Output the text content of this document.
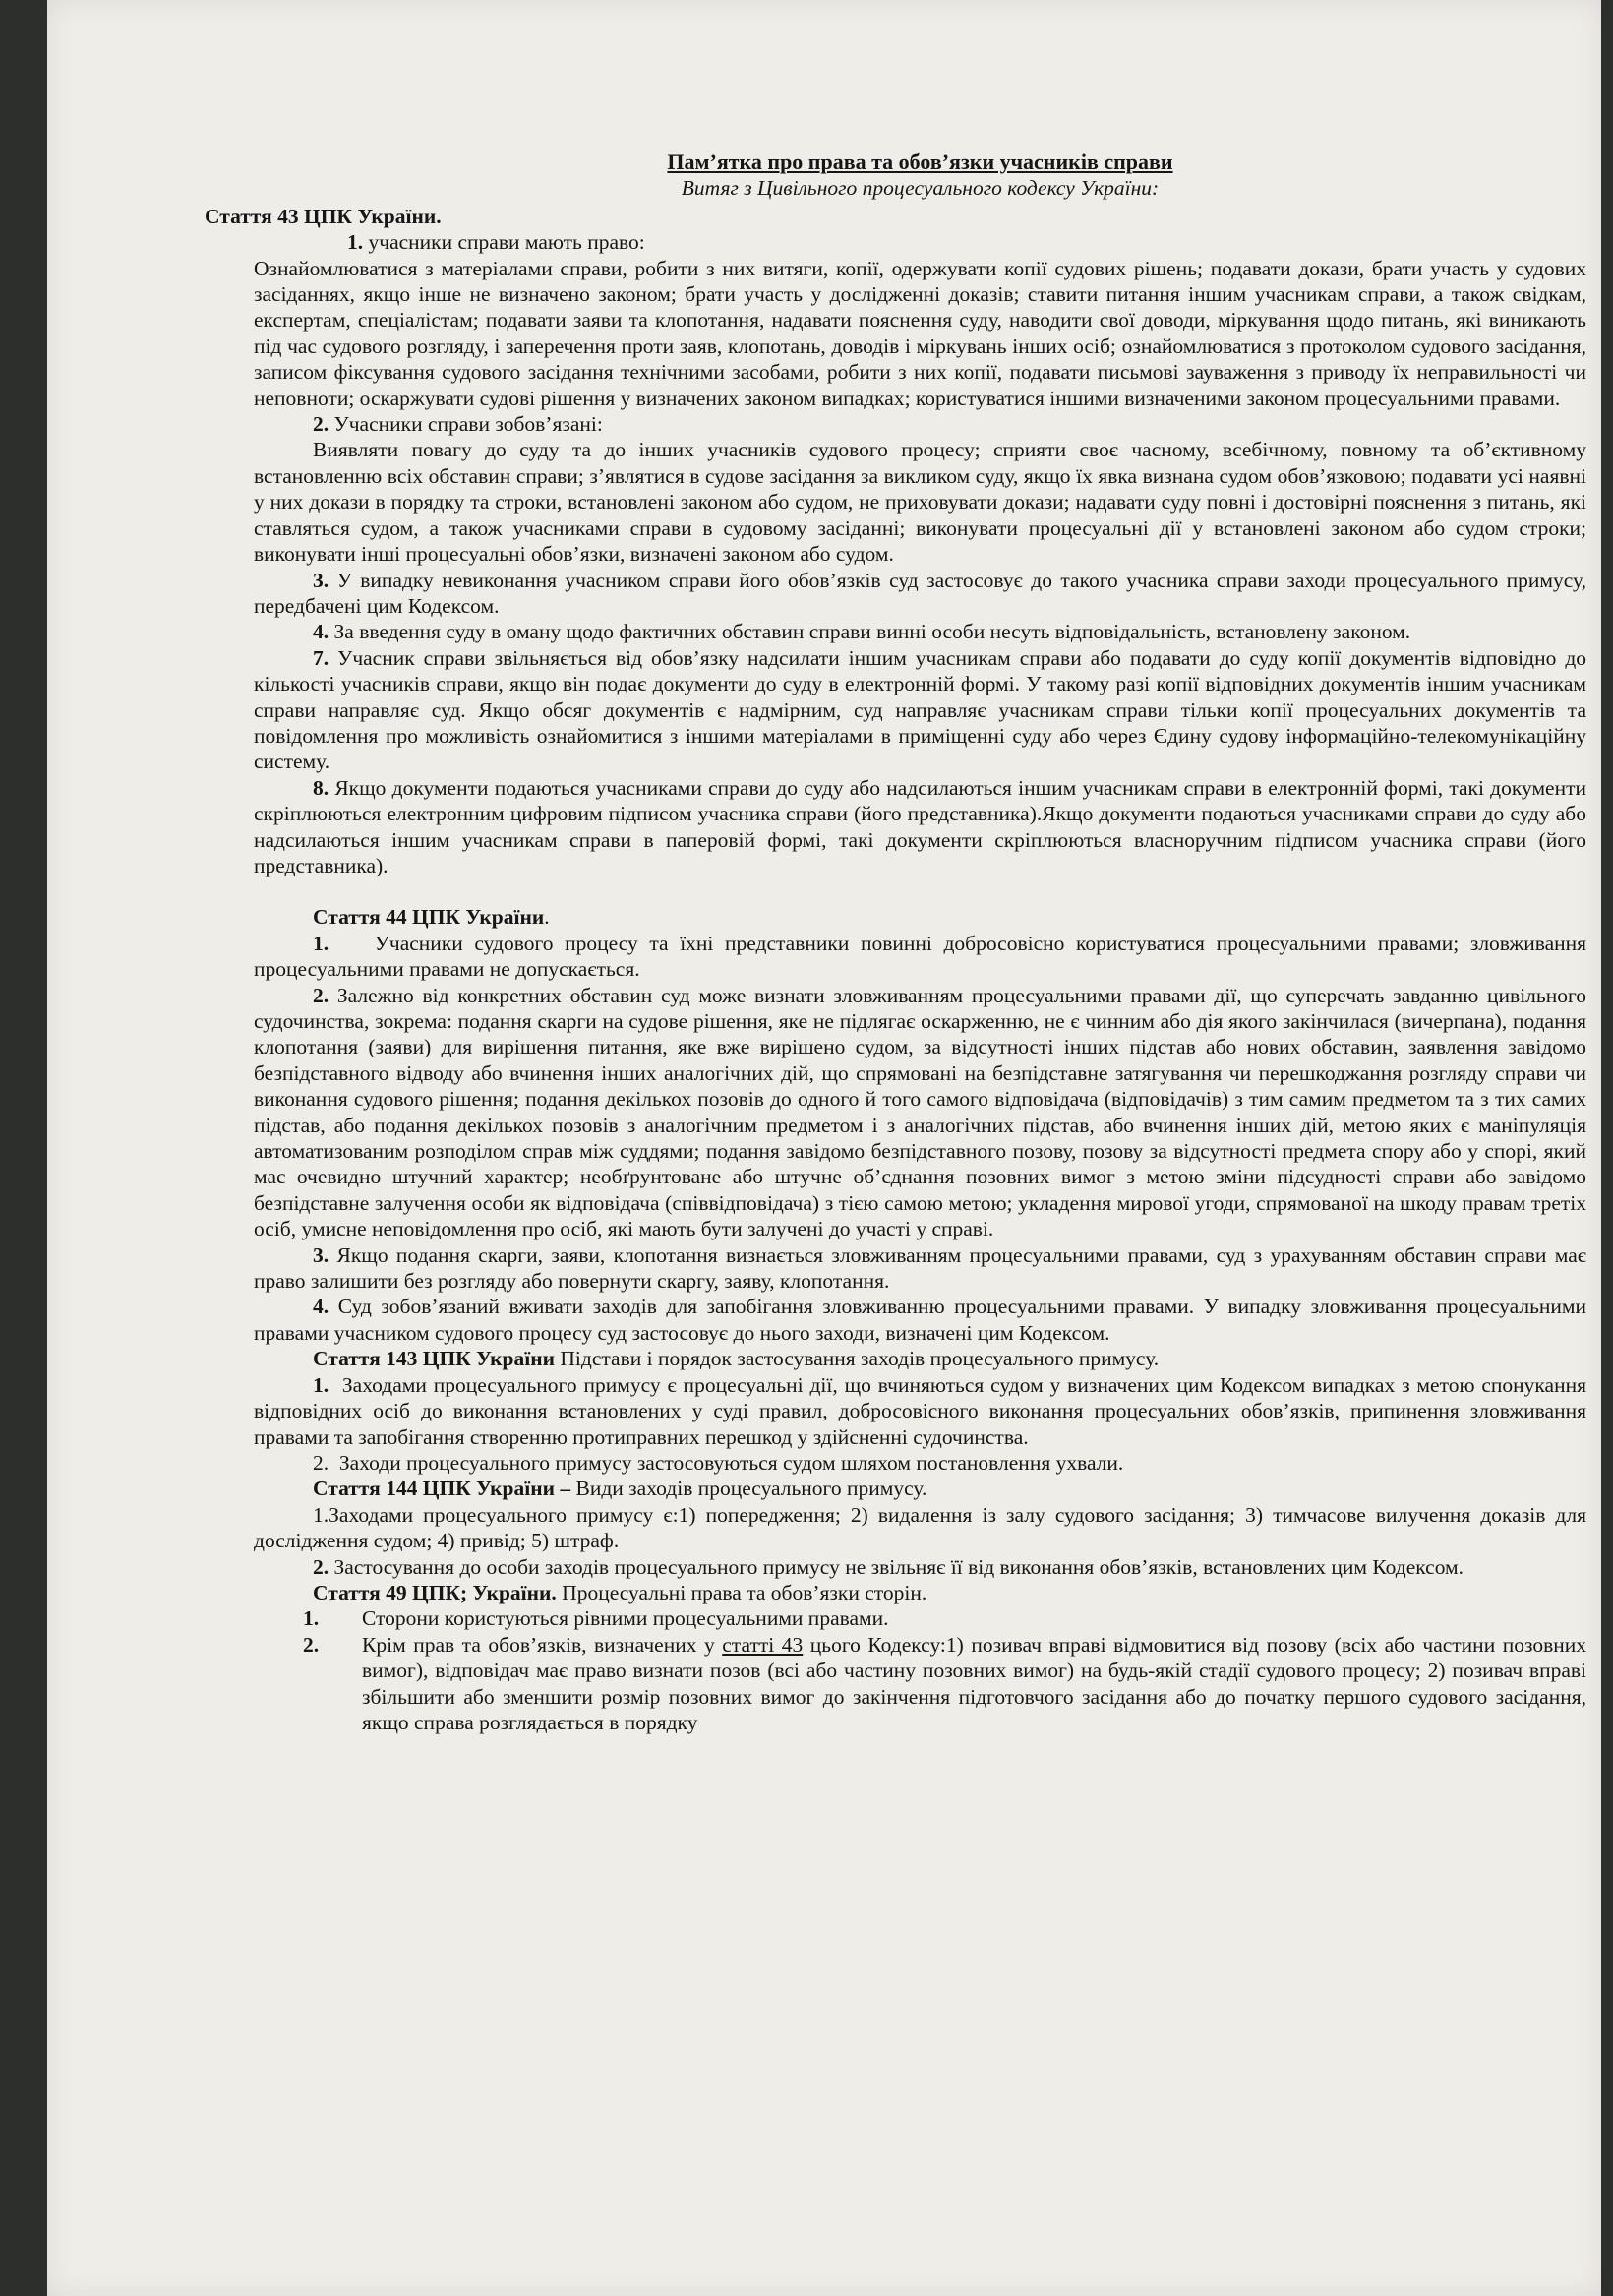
Пам’ятка про права та обов’язки учасників справи

Витяг з Цивільного процесуального кодексу України:

Стаття 43 ЦПК України.

1. учасники справи мають право:

Ознайомлюватися з матеріалами справи, робити з них витяги, копії, одержувати копії судових рішень; подавати докази, брати участь у судових засіданнях, якщо інше не визначено законом; брати участь у дослідженні доказів; ставити питання іншим учасникам справи, а також свідкам, експертам, спеціалістам; подавати заяви та клопотання, надавати пояснення суду, наводити свої доводи, міркування щодо питань, які виникають під час судового розгляду, і заперечення проти заяв, клопотань, доводів і міркувань інших осіб; ознайомлюватися з протоколом судового засідання, записом фіксування судового засідання технічними засобами, робити з них копії, подавати письмові зауваження з приводу їх неправильності чи неповноти; оскаржувати судові рішення у визначених законом випадках; користуватися іншими визначеними законом процесуальними правами.

2. Учасники справи зобов’язані:

Виявляти повагу до суду та до інших учасників судового процесу; сприяти своє часному, всебічному, повному та об’єктивному встановленню всіх обставин справи; з’являтися в судове засідання за викликом суду, якщо їх явка визнана судом обов’язковою; подавати усі наявні у них докази в порядку та строки, встановлені законом або судом, не приховувати докази; надавати суду повні і достовірні пояснення з питань, які ставляться судом, а також учасниками справи в судовому засіданні; виконувати процесуальні дії у встановлені законом або судом строки; виконувати інші процесуальні обов’язки, визначені законом або судом.

3. У випадку невиконання учасником справи його обов’язків суд застосовує до такого учасника справи заходи процесуального примусу, передбачені цим Кодексом.

4. За введення суду в оману щодо фактичних обставин справи винні особи несуть відповідальність, встановлену законом.

7. Учасник справи звільняється від обов’язку надсилати іншим учасникам справи або подавати до суду копії документів відповідно до кількості учасників справи, якщо він подає документи до суду в електронній формі. У такому разі копії відповідних документів іншим учасникам справи направляє суд. Якщо обсяг документів є надмірним, суд направляє учасникам справи тільки копії процесуальних документів та повідомлення про можливість ознайомитися з іншими матеріалами в приміщенні суду або через Єдину судову інформаційно-телекомунікаційну систему.

8. Якщо документи подаються учасниками справи до суду або надсилаються іншим учасникам справи в електронній формі, такі документи скріплюються електронним цифровим підписом учасника справи (його представника).Якщо документи подаються учасниками справи до суду або надсилаються іншим учасникам справи в паперовій формі, такі документи скріплюються власноручним підписом учасника справи (його представника).

Стаття 44 ЦПК України.

1. Учасники судового процесу та їхні представники повинні добросовісно користуватися процесуальними правами; зловживання процесуальними правами не допускається.

2. Залежно від конкретних обставин суд може визнати зловживанням процесуальними правами дії, що суперечать завданню цивільного судочинства, зокрема: подання скарги на судове рішення, яке не підлягає оскарженню, не є чинним або дія якого закінчилася (вичерпана), подання клопотання (заяви) для вирішення питання, яке вже вирішено судом, за відсутності інших підстав або нових обставин, заявлення завідомо безпідставного відводу або вчинення інших аналогічних дій, що спрямовані на безпідставне затягування чи перешкоджання розгляду справи чи виконання судового рішення; подання декількох позовів до одного й того самого відповідача (відповідачів) з тим самим предметом та з тих самих підстав, або подання декількох позовів з аналогічним предметом і з аналогічних підстав, або вчинення інших дій, метою яких є маніпуляція автоматизованим розподілом справ між суддями; подання завідомо безпідставного позову, позову за відсутності предмета спору або у спорі, який має очевидно штучний характер; необґрунтоване або штучне об’єднання позовних вимог з метою зміни підсудності справи або завідомо безпідставне залучення особи як відповідача (співвідповідача) з тією самою метою; укладення мирової угоди, спрямованої на шкоду правам третіх осіб, умисне неповідомлення про осіб, які мають бути залучені до участі у справі.

3. Якщо подання скарги, заяви, клопотання визнається зловживанням процесуальними правами, суд з урахуванням обставин справи має право залишити без розгляду або повернути скаргу, заяву, клопотання.

4. Суд зобов’язаний вживати заходів для запобігання зловживанню процесуальними правами. У випадку зловживання процесуальними правами учасником судового процесу суд застосовує до нього заходи, визначені цим Кодексом.

Стаття 143 ЦПК України Підстави і порядок застосування заходів процесуального примусу.

1. Заходами процесуального примусу є процесуальні дії, що вчиняються судом у визначених цим Кодексом випадках з метою спонукання відповідних осіб до виконання встановлених у суді правил, добросовісного виконання процесуальних обов’язків, припинення зловживання правами та запобігання створенню протиправних перешкод у здійсненні судочинства.

2. Заходи процесуального примусу застосовуються судом шляхом постановлення ухвали.

Стаття 144 ЦПК України – Види заходів процесуального примусу.

1.Заходами процесуального примусу є:1) попередження; 2) видалення із залу судового засідання; 3) тимчасове вилучення доказів для дослідження судом; 4) привід; 5) штраф.

2. Застосування до особи заходів процесуального примусу не звільняє її від виконання обов’язків, встановлених цим Кодексом.

Стаття 49 ЦПК; України. Процесуальні права та обов’язки сторін.

1. Сторони користуються рівними процесуальними правами.

2. Крім прав та обов’язків, визначених у статті 43 цього Кодексу:1) позивач вправі відмовитися від позову (всіх або частини позовних вимог), відповідач має право визнати позов (всі або частину позовних вимог) на будь-якій стадії судового процесу; 2) позивач вправі збільшити або зменшити розмір позовних вимог до закінчення підготовчого засідання або до початку першого судового засідання, якщо справа розглядається в порядку
